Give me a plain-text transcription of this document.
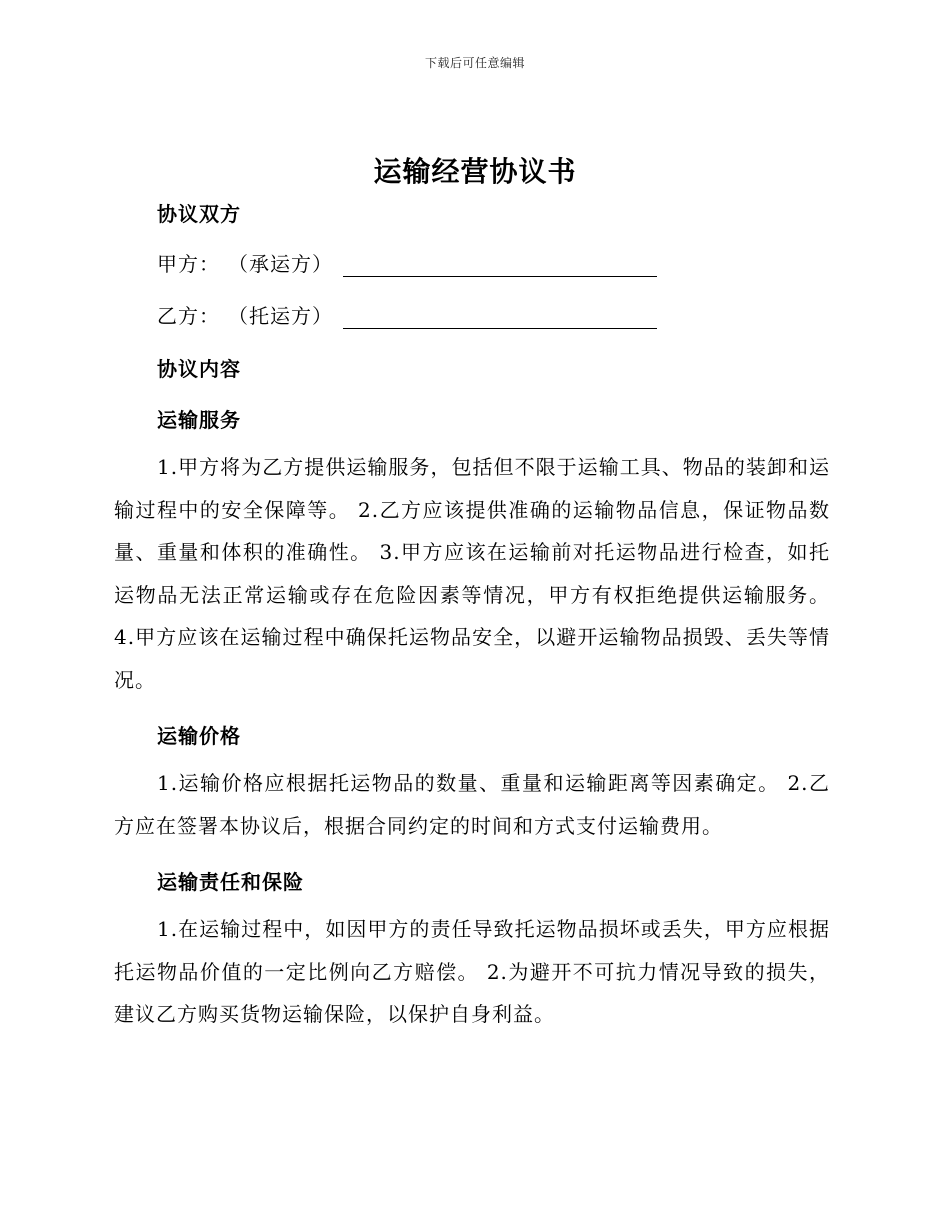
下载后可任意编辑
运输经营协议书
协议双方
甲方： （承运方）
乙方： （托运方）
协议内容
运输服务
1.甲方将为乙方提供运输服务，包括但不限于运输工具、物品的装卸和运输过程中的安全保障等。 2.乙方应该提供准确的运输物品信息，保证物品数量、重量和体积的准确性。 3.甲方应该在运输前对托运物品进行检查，如托运物品无法正常运输或存在危险因素等情况，甲方有权拒绝提供运输服务。 4.甲方应该在运输过程中确保托运物品安全，以避开运输物品损毁、丢失等情况。
运输价格
1.运输价格应根据托运物品的数量、重量和运输距离等因素确定。 2.乙方应在签署本协议后，根据合同约定的时间和方式支付运输费用。
运输责任和保险
1.在运输过程中，如因甲方的责任导致托运物品损坏或丢失，甲方应根据托运物品价值的一定比例向乙方赔偿。 2.为避开不可抗力情况导致的损失，建议乙方购买货物运输保险，以保护自身利益。
